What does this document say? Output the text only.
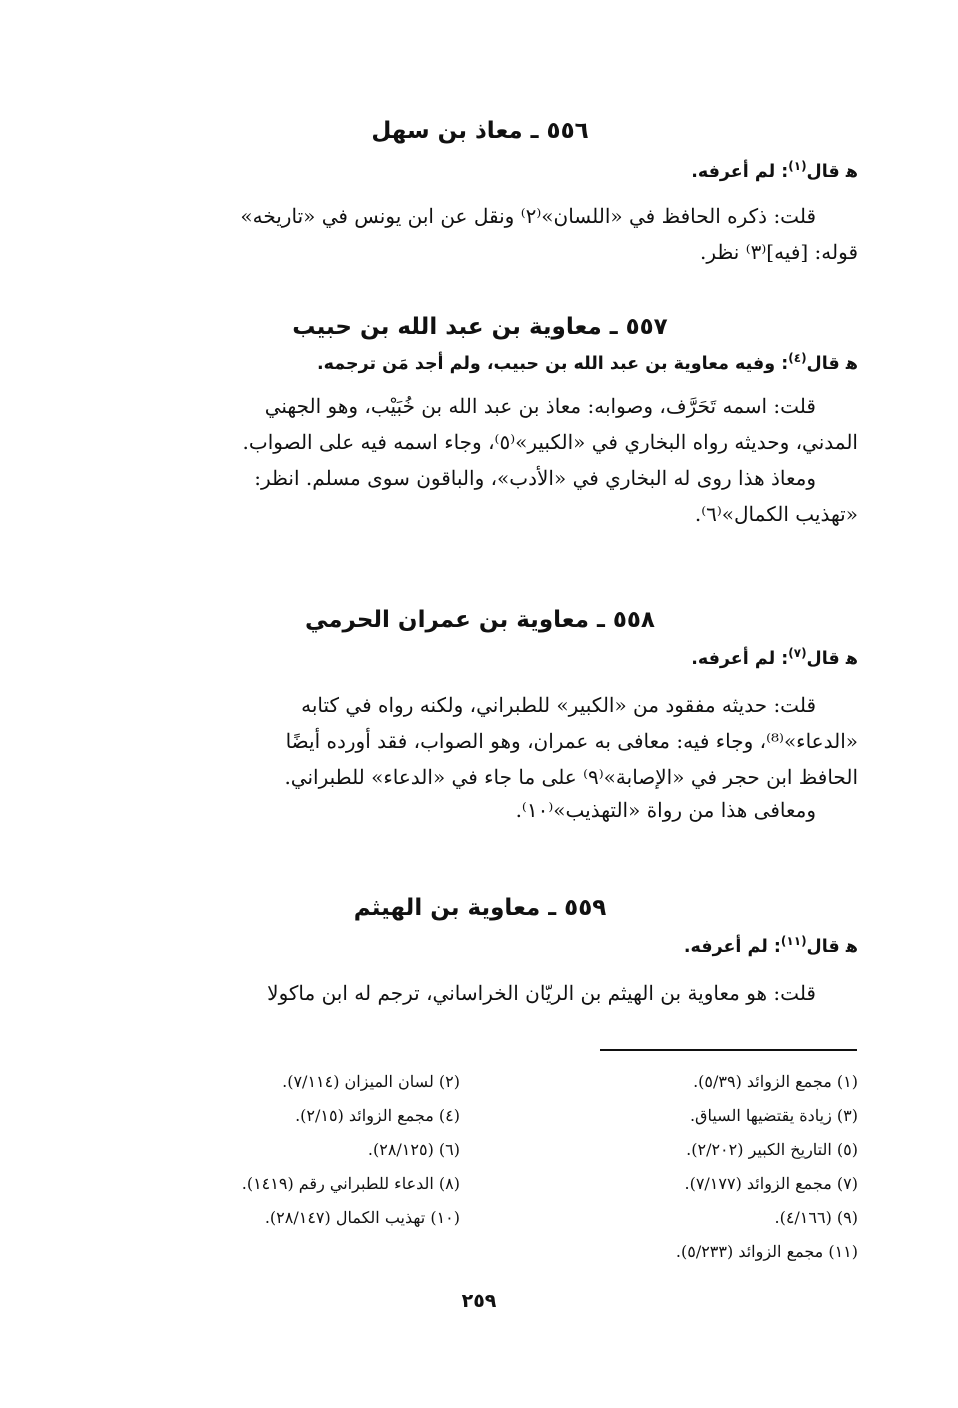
٥٥٦ ـ معاذ بن سهل

ﻫ قال$^{(١)}$: لم أعرفه.

قلت: ذكره الحافظ في «اللسان»⁽٢⁾ ونقل عن ابن يونس في «تاريخه»

قوله: [فيه]⁽٣⁾ نظر.

٥٥٧ ـ معاوية بن عبد الله بن حبيب

ﻫ قال$^{(٤)}$: وفيه معاوية بن عبد الله بن حبيب، ولم أجد مَن ترجمه.

قلت: اسمه تَحَرَّف، وصوابه: معاذ بن عبد الله بن خُبَيْب، وهو الجهني

المدني، وحديثه رواه البخاري في «الكبير»⁽٥⁾، وجاء اسمه فيه على الصواب.

ومعاذ هذا روى له البخاري في «الأدب»، والباقون سوى مسلم. انظر:

«تهذيب الكمال»⁽٦⁾.

٥٥٨ ـ معاوية بن عمران الحرمي

ﻫ قال$^{(٧)}$: لم أعرفه.

قلت: حديثه مفقود من «الكبير» للطبراني، ولكنه رواه في كتابه

«الدعاء»⁽⁸⁾، وجاء فيه: معافى به عمران، وهو الصواب، فقد أورده أيضًا

الحافظ ابن حجر في «الإصابة»⁽٩⁾ على ما جاء في «الدعاء» للطبراني.

ومعافى هذا من رواة «التهذيب»⁽١٠⁾.

٥٥٩ ـ معاوية بن الهيثم

ﻫ قال$^{(١١)}$: لم أعرفه.

قلت: هو معاوية بن الهيثم بن الريّان الخراساني، ترجم له ابن ماكولا

(١) مجمع الزوائد (٥/٣٩).
(٣) زيادة يقتضيها السياق.
(٥) التاريخ الكبير (٢/٢٠٢).
(٧) مجمع الزوائد (٧/١٧٧).
(٩) (٤/١٦٦).
(١١) مجمع الزوائد (٥/٢٣٣).
(٢) لسان الميزان (٧/١١٤).
(٤) مجمع الزوائد (٢/١٥).
(٦) (٢٨/١٢٥).
(٨) الدعاء للطبراني رقم (١٤١٩).
(١٠) تهذيب الكمال (٢٨/١٤٧).
٢٥٩
